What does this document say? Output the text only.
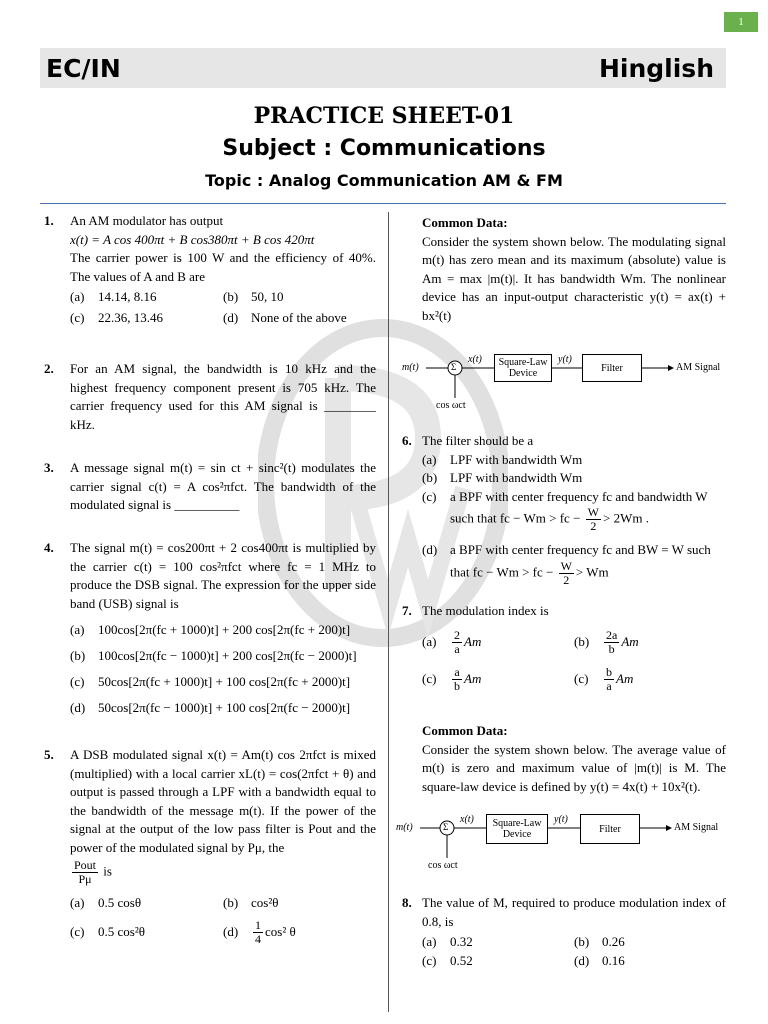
1
EC/IN	Hinglish
PRACTICE SHEET-01
Subject : Communications
Topic : Analog Communication AM & FM
1. An AM modulator has output
x(t) = A cos 400πt + B cos380πt + B cos 420πt
The carrier power is 100 W and the efficiency of 40%. The values of A and B are
(a)	14.14, 8.16	(b) 50, 10
(c)	22.36, 13.46	(d) None of the above
2. For an AM signal, the bandwidth is 10 kHz and the highest frequency component present is 705 kHz. The carrier frequency used for this AM signal is ________ kHz.
3. A message signal m(t) = sin ct + sinc²(t) modulates the carrier signal c(t) = A cos²πfct. The bandwidth of the modulated signal is __________
4. The signal m(t) = cos200πt + 2 cos400πt is multiplied by the carrier c(t) = 100 cos²πfct where fc = 1 MHz to produce the DSB signal. The expression for the upper side band (USB) signal is
(a)	100cos[2π(fc + 1000)t] + 200 cos[2π(fc + 200)t]
(b) 100cos[2π(fc − 1000)t] + 200 cos[2π(fc − 2000)t]
(c)	50cos[2π(fc + 1000)t] + 100 cos[2π(fc + 2000)t]
(d) 50cos[2π(fc − 1000)t] + 100 cos[2π(fc − 2000)t]
5. A DSB modulated signal x(t) = Am(t) cos 2πfct is mixed (multiplied) with a local carrier xL(t) = cos(2πfct + θ) and output is passed through a LPF with a bandwidth equal to the bandwidth of the message m(t). If the power of the signal at the output of the low pass filter is Pout and the power of the modulated signal by Pμ, the
$\frac{\text{Pout}}{P\mu}$ is
(a)	0.5 cosθ	(b) cos²θ
(c)	0.5 cos²θ	(d)	$\frac{1}{4} \cos^2$ θ
Common Data:
Consider the system shown below. The modulating signal m(t) has zero mean and its maximum (absolute) value is Am = max |m(t)|. It has bandwidth Wm. The nonlinear device has an input-output characteristic y(t) = ax(t) + bx²(t)
6. The filter should be a
(a)	LPF with bandwidth Wm
(b) LPF with bandwidth Wm
(c)	a BPF with center frequency fc and bandwidth W
such that fc − Wm > fc − $\frac{W}{2} > 2Wm$ .
(d) a BPF with center frequency fc and BW = W such
that fc − Wm > fc − $\frac{W}{2} > Wm$
7. The modulation index is
(a)	$\frac{2}{a}$ Am	(b)	$\frac{2a}{b}$ Am
(c)	$\frac{a}{b}$ Am	(c)	$\frac{b}{a}$ Am
Common Data:
Consider the system shown below. The average value of m(t) is zero and maximum value of |m(t)| is M. The square-law device is defined by y(t) = 4x(t) + 10x²(t).
8. The value of M, required to produce modulation index of 0.8, is
(a)	0.32	(b) 0.26
(c)	0.52	(d) 0.16
m(t)	Σ
x(t)	Square-Law Device
y(t)
Filter	AM Signal
cos ωct
m(t)	Σ
x(t)	Square-Law Device
y(t)
Filter	AM Signal
cos ωct
